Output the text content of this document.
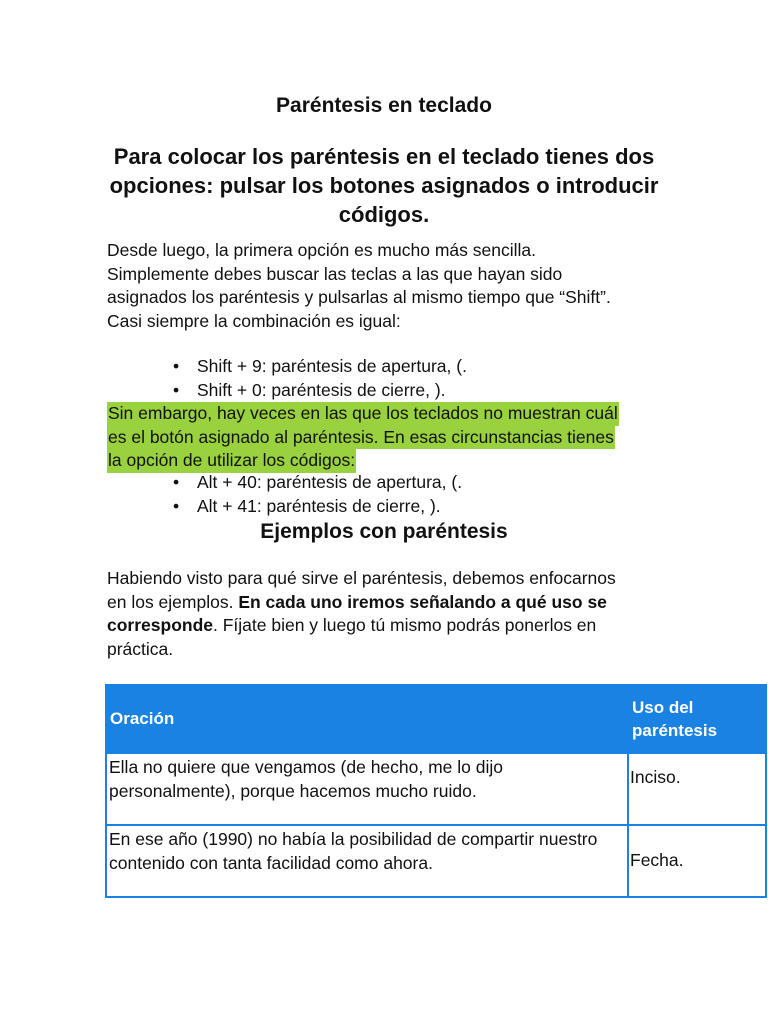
Paréntesis en teclado
Para colocar los paréntesis en el teclado tienes dos opciones: pulsar los botones asignados o introducir códigos.
Desde luego, la primera opción es mucho más sencilla.
Simplemente debes buscar las teclas a las que hayan sido
asignados los paréntesis y pulsarlas al mismo tiempo que “Shift”.
Casi siempre la combinación es igual:
• Shift + 9: paréntesis de apertura, (.
• Shift + 0: paréntesis de cierre, ).
Sin embargo, hay veces en las que los teclados no muestran cuál
es el botón asignado al paréntesis. En esas circunstancias tienes
la opción de utilizar los códigos:
• Alt + 40: paréntesis de apertura, (.
• Alt + 41: paréntesis de cierre, ).
Ejemplos con paréntesis
Habiendo visto para qué sirve el paréntesis, debemos enfocarnos
en los ejemplos. En cada uno iremos señalando a qué uso se
corresponde. Fíjate bien y luego tú mismo podrás ponerlos en
práctica.
Oración	Uso del paréntesis
Ella no quiere que vengamos (de hecho, me lo dijo personalmente), porque hacemos mucho ruido.	Inciso.
En ese año (1990) no había la posibilidad de compartir nuestro contenido con tanta facilidad como ahora.	Fecha.
